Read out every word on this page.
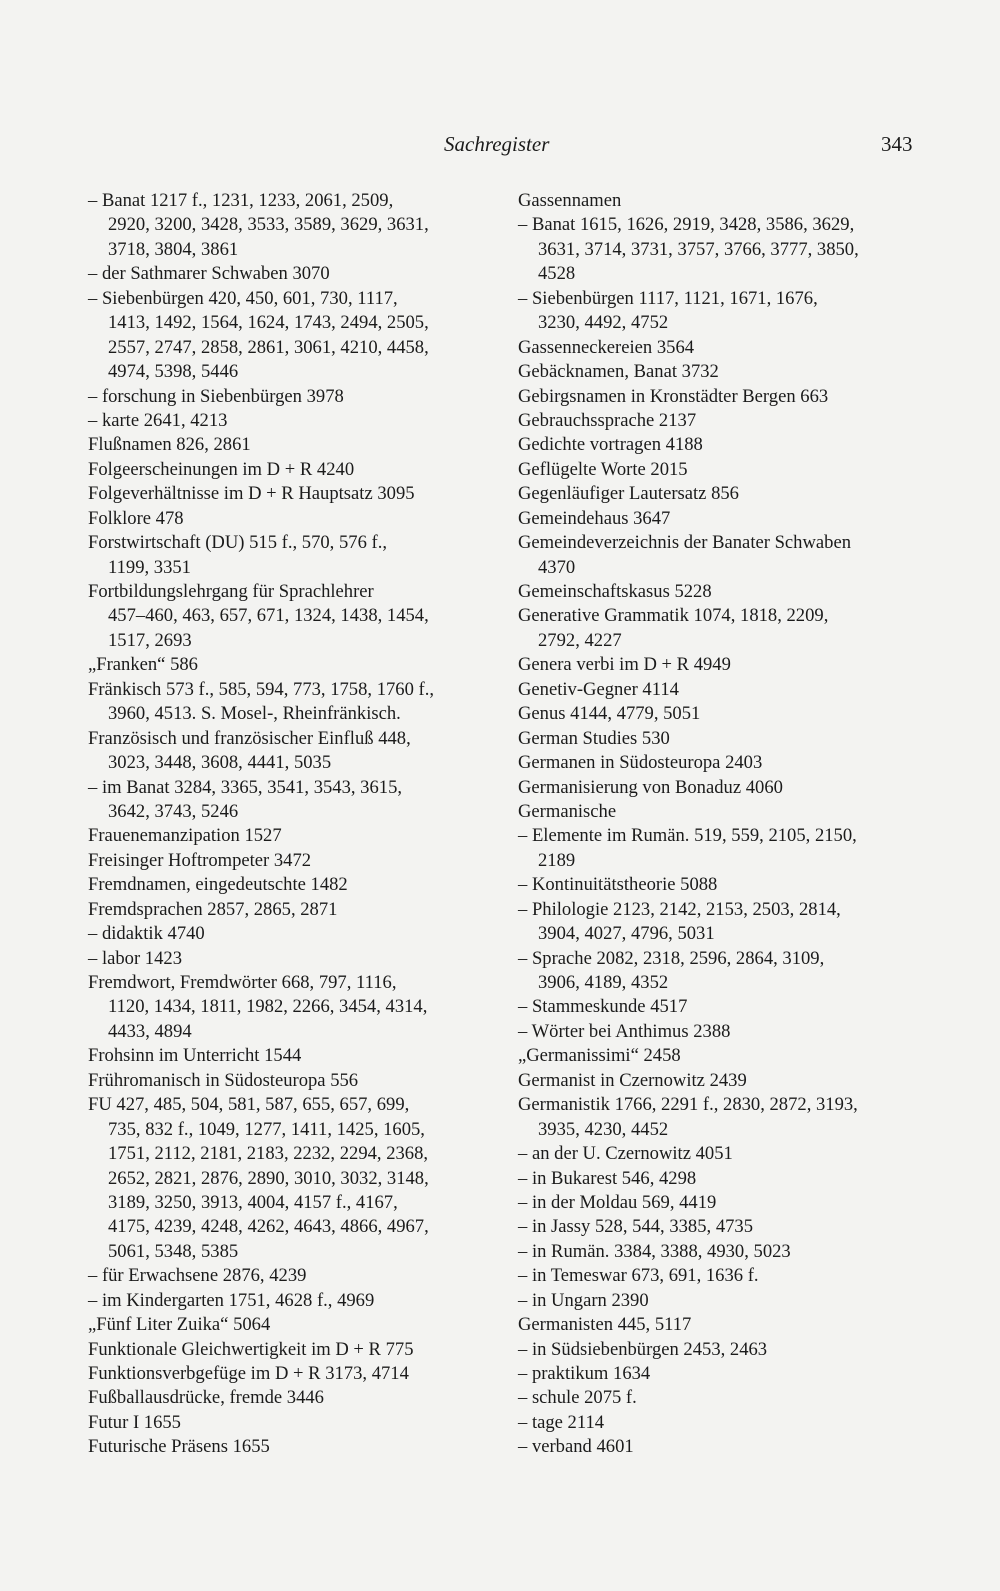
Sachregister	343
– Banat 1217 f., 1231, 1233, 2061, 2509,
2920, 3200, 3428, 3533, 3589, 3629, 3631,
3718, 3804, 3861
– der Sathmarer Schwaben 3070
– Siebenbürgen 420, 450, 601, 730, 1117,
1413, 1492, 1564, 1624, 1743, 2494, 2505,
2557, 2747, 2858, 2861, 3061, 4210, 4458,
4974, 5398, 5446
– forschung in Siebenbürgen 3978
– karte 2641, 4213
Flußnamen 826, 2861
Folgeerscheinungen im D + R 4240
Folgeverhältnisse im D + R Hauptsatz 3095
Folklore 478
Forstwirtschaft (DU) 515 f., 570, 576 f.,
1199, 3351
Fortbildungslehrgang für Sprachlehrer
457–460, 463, 657, 671, 1324, 1438, 1454,
1517, 2693
„Franken“ 586
Fränkisch 573 f., 585, 594, 773, 1758, 1760 f.,
3960, 4513. S. Mosel-, Rheinfränkisch.
Französisch und französischer Einfluß 448,
3023, 3448, 3608, 4441, 5035
– im Banat 3284, 3365, 3541, 3543, 3615,
3642, 3743, 5246
Frauenemanzipation 1527
Freisinger Hoftrompeter 3472
Fremdnamen, eingedeutschte 1482
Fremdsprachen 2857, 2865, 2871
– didaktik 4740
– labor 1423
Fremdwort, Fremdwörter 668, 797, 1116,
1120, 1434, 1811, 1982, 2266, 3454, 4314,
4433, 4894
Frohsinn im Unterricht 1544
Frühromanisch in Südosteuropa 556
FU 427, 485, 504, 581, 587, 655, 657, 699,
735, 832 f., 1049, 1277, 1411, 1425, 1605,
1751, 2112, 2181, 2183, 2232, 2294, 2368,
2652, 2821, 2876, 2890, 3010, 3032, 3148,
3189, 3250, 3913, 4004, 4157 f., 4167,
4175, 4239, 4248, 4262, 4643, 4866, 4967,
5061, 5348, 5385
– für Erwachsene 2876, 4239
– im Kindergarten 1751, 4628 f., 4969
„Fünf Liter Zuika“ 5064
Funktionale Gleichwertigkeit im D + R 775
Funktionsverbgefüge im D + R 3173, 4714
Fußballausdrücke, fremde 3446
Futur I 1655
Futurische Präsens 1655
Gassennamen
– Banat 1615, 1626, 2919, 3428, 3586, 3629,
3631, 3714, 3731, 3757, 3766, 3777, 3850,
4528
– Siebenbürgen 1117, 1121, 1671, 1676,
3230, 4492, 4752
Gassenneckereien 3564
Gebäcknamen, Banat 3732
Gebirgsnamen in Kronstädter Bergen 663
Gebrauchssprache 2137
Gedichte vortragen 4188
Geflügelte Worte 2015
Gegenläufiger Lautersatz 856
Gemeindehaus 3647
Gemeindeverzeichnis der Banater Schwaben
4370
Gemeinschaftskasus 5228
Generative Grammatik 1074, 1818, 2209,
2792, 4227
Genera verbi im D + R 4949
Genetiv-Gegner 4114
Genus 4144, 4779, 5051
German Studies 530
Germanen in Südosteuropa 2403
Germanisierung von Bonaduz 4060
Germanische
– Elemente im Rumän. 519, 559, 2105, 2150,
2189
– Kontinuitätstheorie 5088
– Philologie 2123, 2142, 2153, 2503, 2814,
3904, 4027, 4796, 5031
– Sprache 2082, 2318, 2596, 2864, 3109,
3906, 4189, 4352
– Stammeskunde 4517
– Wörter bei Anthimus 2388
„Germanissimi“ 2458
Germanist in Czernowitz 2439
Germanistik 1766, 2291 f., 2830, 2872, 3193,
3935, 4230, 4452
– an der U. Czernowitz 4051
– in Bukarest 546, 4298
– in der Moldau 569, 4419
– in Jassy 528, 544, 3385, 4735
– in Rumän. 3384, 3388, 4930, 5023
– in Temeswar 673, 691, 1636 f.
– in Ungarn 2390
Germanisten 445, 5117
– in Südsiebenbürgen 2453, 2463
– praktikum 1634
– schule 2075 f.
– tage 2114
– verband 4601
